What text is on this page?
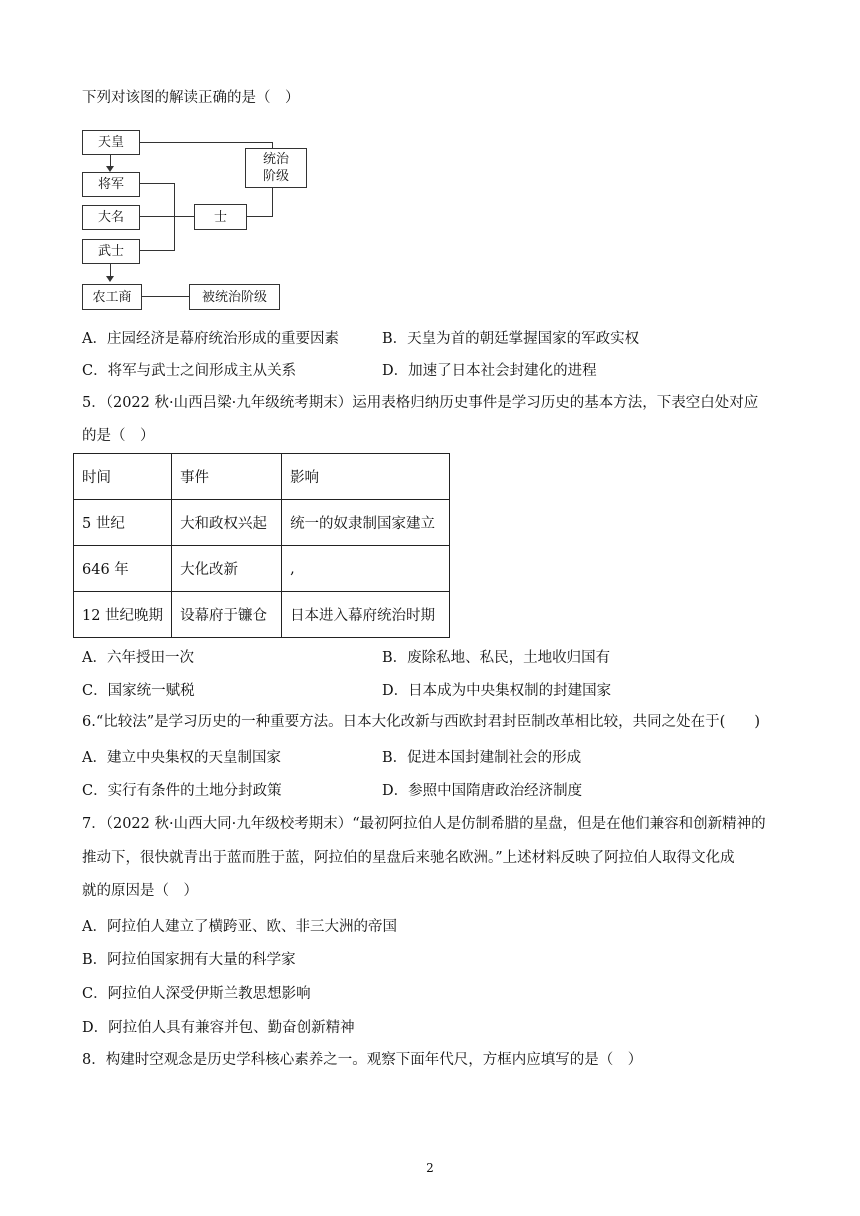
下列对该图的解读正确的是（　）
天皇
统治
阶级
将军
大名	士
武士
农工商	被统治阶级
A．庄园经济是幕府统治形成的重要因素	B．天皇为首的朝廷掌握国家的军政实权
C．将军与武士之间形成主从关系	D．加速了日本社会封建化的进程
5．（2022 秋·山西吕梁·九年级统考期末）运用表格归纳历史事件是学习历史的基本方法，下表空白处对应
的是（　）
时间	事件	影响
5 世纪	大和政权兴起	统一的奴隶制国家建立
646 年	大化改新	,
12 世纪晚期	设幕府于镰仓	日本进入幕府统治时期
A．六年授田一次	B．废除私地、私民，土地收归国有
C．国家统一赋税	D．日本成为中央集权制的封建国家
6.“比较法”是学习历史的一种重要方法。日本大化改新与西欧封君封臣制改革相比较，共同之处在于(　　)
A．建立中央集权的天皇制国家	B．促进本国封建制社会的形成
C．实行有条件的土地分封政策	D．参照中国隋唐政治经济制度
7．（2022 秋·山西大同·九年级校考期末）“最初阿拉伯人是仿制希腊的星盘，但是在他们兼容和创新精神的
推动下，很快就青出于蓝而胜于蓝，阿拉伯的星盘后来驰名欧洲。”上述材料反映了阿拉伯人取得文化成
就的原因是（　）
A．阿拉伯人建立了横跨亚、欧、非三大洲的帝国
B．阿拉伯国家拥有大量的科学家
C．阿拉伯人深受伊斯兰教思想影响
D．阿拉伯人具有兼容并包、勤奋创新精神
8．构建时空观念是历史学科核心素养之一。观察下面年代尺，方框内应填写的是（　）
2
